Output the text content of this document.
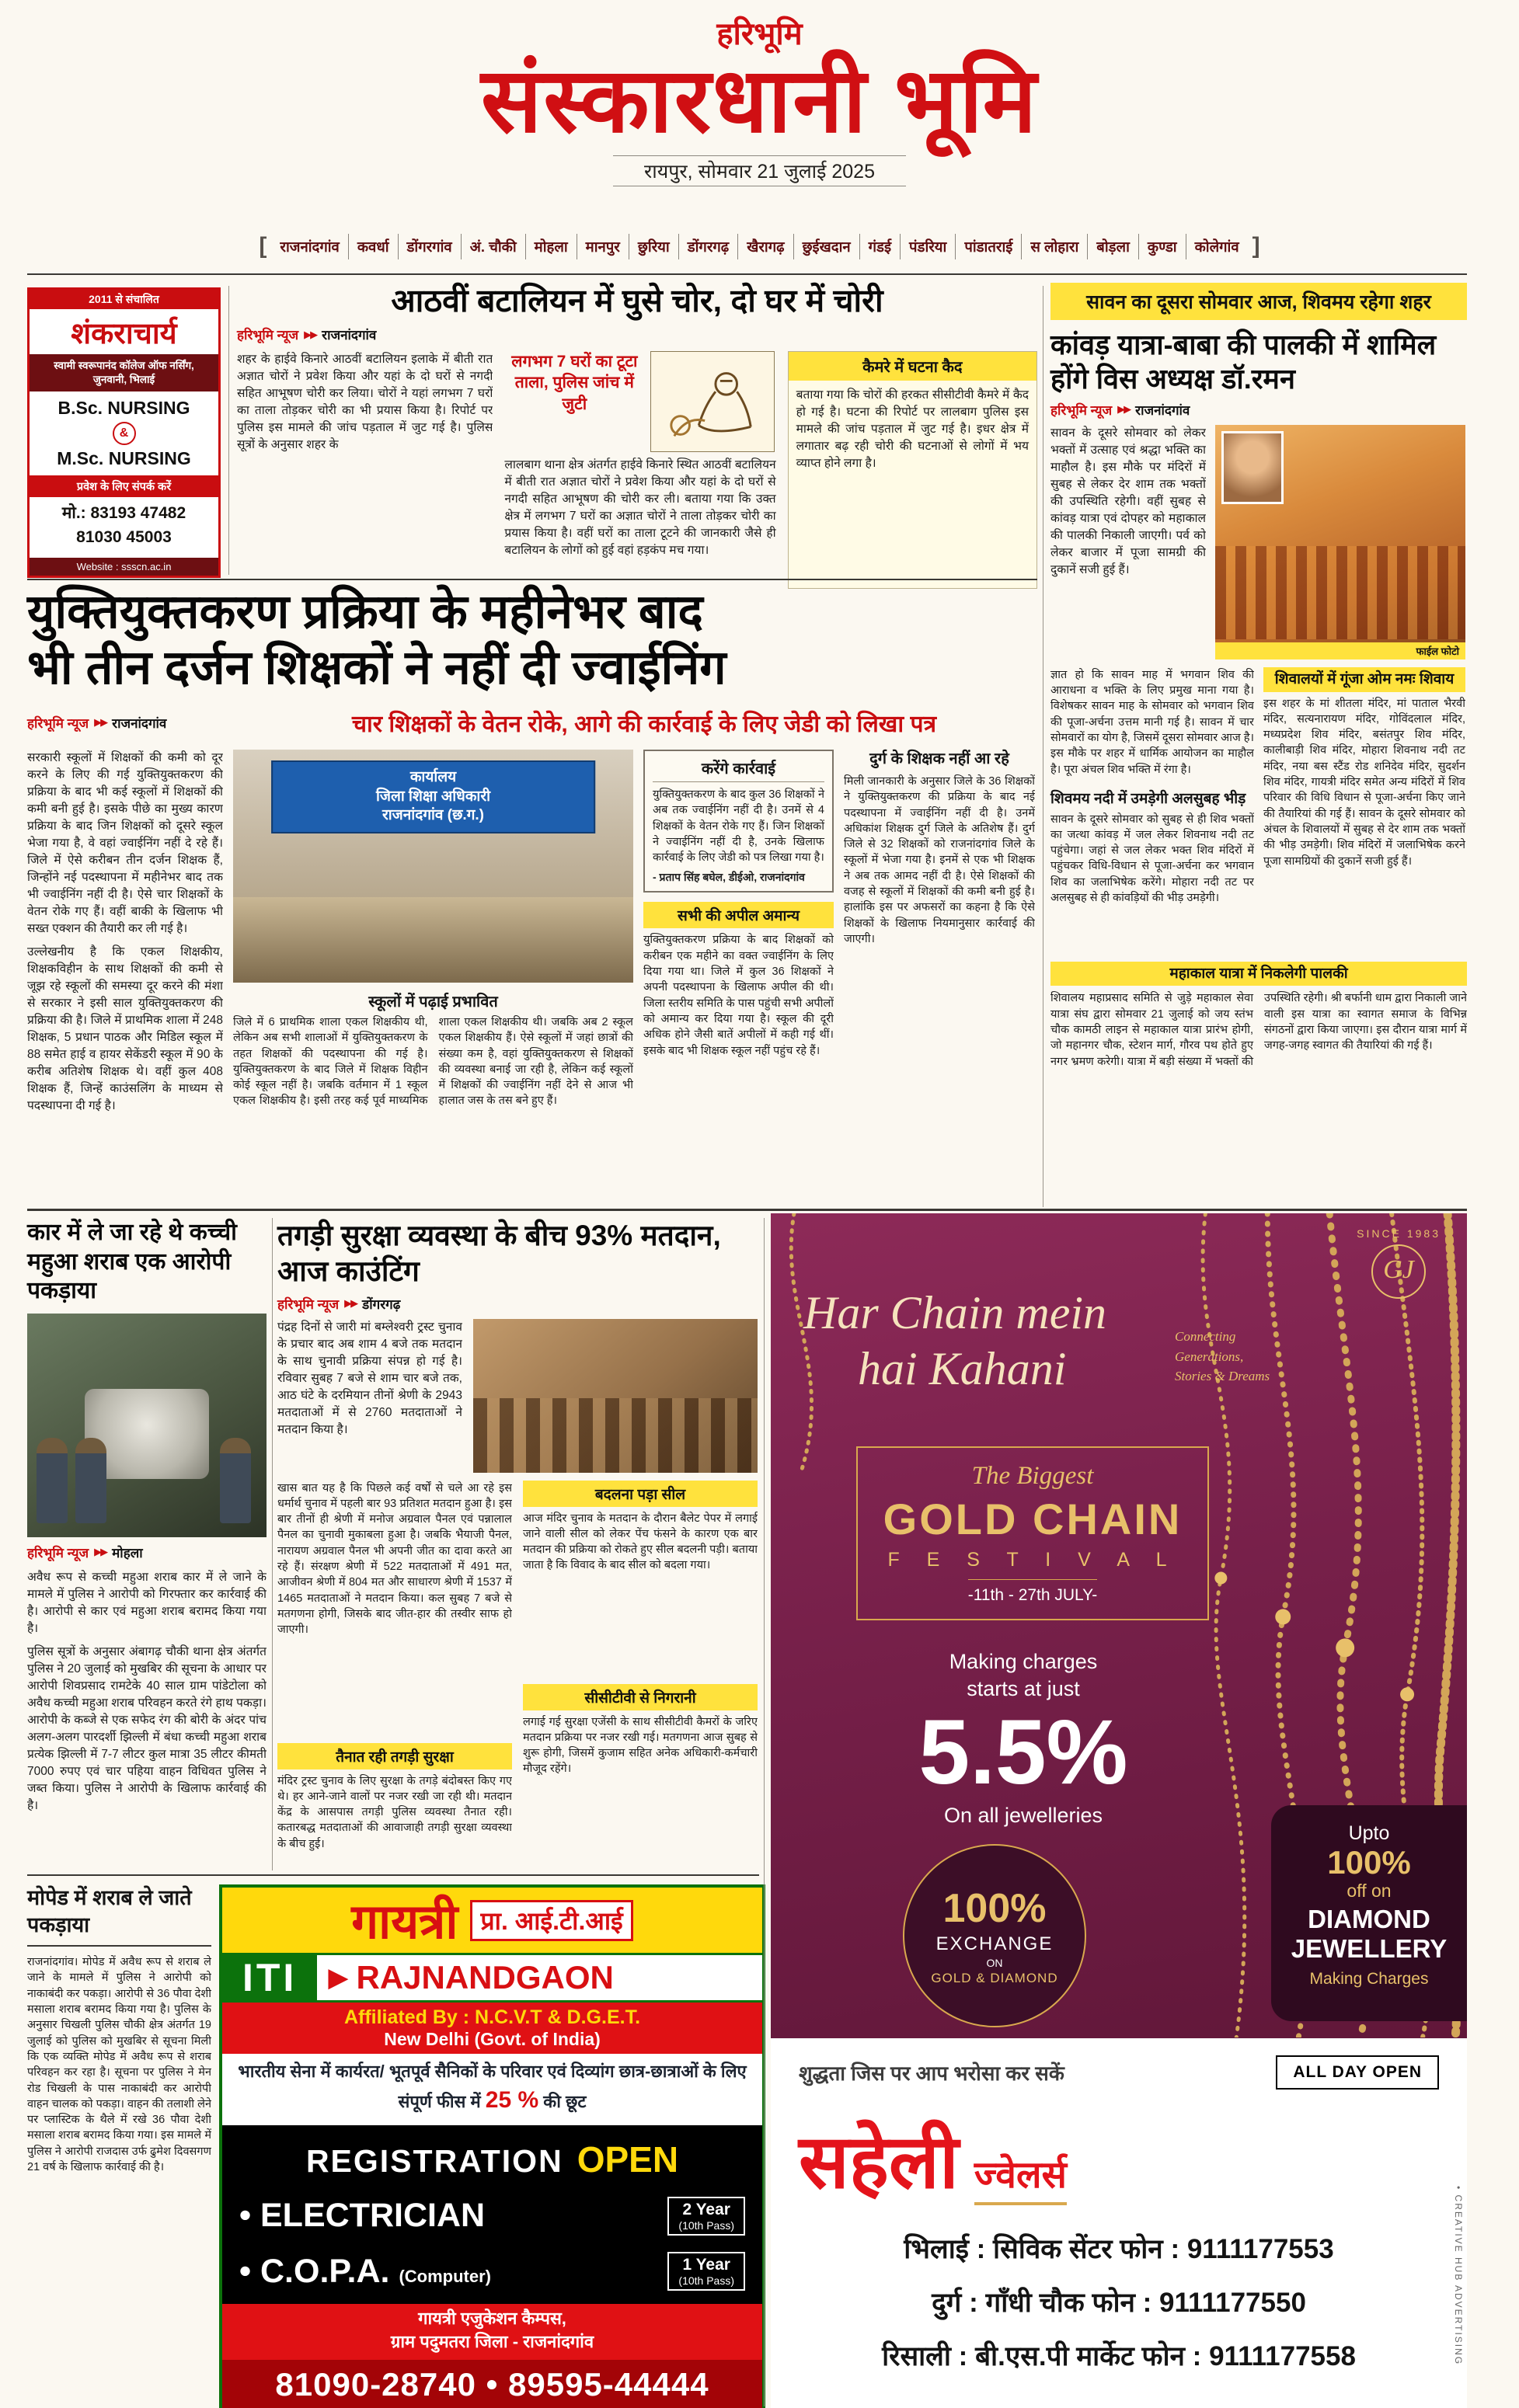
हरिभूमि
संस्कारधानी भूमि
रायपुर, सोमवार 21 जुलाई 2025
[ राजनांदगांव	कवर्धा	डोंगरगांव	अं. चौकी	मोहला	मानपुर	छुरिया	डोंगरगढ़	खैरागढ़	छुईखदान	गंडई	पंडरिया	पांडातराई	स लोहारा	बोड़ला	कुण्डा	कोलेगांव ]
2011 से संचालित
शंकराचार्य
स्वामी स्वरूपानंद कॉलेज ऑफ नर्सिंग, जुनवानी, भिलाई
B.Sc. NURSING
&
M.Sc. NURSING
प्रवेश के लिए संपर्क करें
मो.: 83193 47482
81030 45003
Website : ssscn.ac.in
आठवीं बटालियन में घुसे चोर, दो घर में चोरी
हरिभूमि न्यूज ▶▶ राजनांदगांव
शहर के हाईवे किनारे आठवीं बटालियन इलाके में बीती रात अज्ञात चोरों ने प्रवेश किया और यहां के दो घरों से नगदी सहित आभूषण चोरी कर लिया। चोरों ने यहां लगभग 7 घरों का ताला तोड़कर चोरी का भी प्रयास किया है। रिपोर्ट पर पुलिस इस मामले की जांच पड़ताल में जुट गई है। पुलिस सूत्रों के अनुसार शहर के
लगभग 7 घरों का टूटा ताला, पुलिस जांच में जुटी
लालबाग थाना क्षेत्र अंतर्गत हाईवे किनारे स्थित आठवीं बटालियन में बीती रात अज्ञात चोरों ने प्रवेश किया और यहां के दो घरों से नगदी सहित आभूषण की चोरी कर ली। बताया गया कि उक्त क्षेत्र में लगभग 7 घरों का अज्ञात चोरों ने ताला तोड़कर चोरी का प्रयास किया है। वहीं घरों का ताला टूटने की जानकारी जैसे ही बटालियन के लोगों को हुई वहां हड़कंप मच गया।
कैमरे में घटना कैद
बताया गया कि चोरों की हरकत सीसीटीवी कैमरे में कैद हो गई है। घटना की रिपोर्ट पर लालबाग पुलिस इस मामले की जांच पड़ताल में जुट गई है। इधर क्षेत्र में लगातार बढ़ रही चोरी की घटनाओं से लोगों में भय व्याप्त होने लगा है।
सावन का दूसरा सोमवार आज, शिवमय रहेगा शहर
कांवड़ यात्रा-बाबा की पालकी में शामिल होंगे विस अध्यक्ष डॉ.रमन
हरिभूमि न्यूज ▶▶ राजनांदगांव
सावन के दूसरे सोमवार को लेकर भक्तों में उत्साह एवं श्रद्धा भक्ति का माहौल है। इस मौके पर मंदिरों में सुबह से लेकर देर शाम तक भक्तों की उपस्थिति रहेगी। वहीं सुबह से कांवड़ यात्रा एवं दोपहर को महाकाल की पालकी निकाली जाएगी। पर्व को लेकर बाजार में पूजा सामग्री की दुकानें सजी हुई हैं।
फाईल फोटो
ज्ञात हो कि सावन माह में भगवान शिव की आराधना व भक्ति के लिए प्रमुख माना गया है। विशेषकर सावन माह के सोमवार को भगवान शिव की पूजा-अर्चना उत्तम मानी गई है। सावन में चार सोमवारों का योग है, जिसमें दूसरा सोमवार आज है। इस मौके पर शहर में धार्मिक आयोजन का माहौल है। पूरा अंचल शिव भक्ति में रंगा है।
शिवमय नदी में उमड़ेगी अलसुबह भीड़
सावन के दूसरे सोमवार को सुबह से ही शिव भक्तों का जत्था कांवड़ में जल लेकर शिवनाथ नदी तट पहुंचेगा। जहां से जल लेकर भक्त शिव मंदिरों में पहुंचकर विधि-विधान से पूजा-अर्चना कर भगवान शिव का जलाभिषेक करेंगे। मोहारा नदी तट पर अलसुबह से ही कांवड़ियों की भीड़ उमड़ेगी।
शिवालयों में गूंजा ओम नमः शिवाय
इस शहर के मां शीतला मंदिर, मां पाताल भैरवी मंदिर, सत्यनारायण मंदिर, गोविंदलाल मंदिर, मध्यप्रदेश शिव मंदिर, बसंतपुर शिव मंदिर, कालीबाड़ी शिव मंदिर, मोहारा शिवनाथ नदी तट मंदिर, नया बस स्टैंड रोड शनिदेव मंदिर, सुदर्शन शिव मंदिर, गायत्री मंदिर समेत अन्य मंदिरों में शिव परिवार की विधि विधान से पूजा-अर्चना किए जाने की तैयारियां की गई हैं। सावन के दूसरे सोमवार को अंचल के शिवालयों में सुबह से देर शाम तक भक्तों की भीड़ उमड़ेगी। शिव मंदिरों में जलाभिषेक करने पूजा सामग्रियों की दुकानें सजी हुई हैं।
महाकाल यात्रा में निकलेगी पालकी
शिवालय महाप्रसाद समिति से जुड़े महाकाल सेवा यात्रा संघ द्वारा सोमवार 21 जुलाई को जय स्तंभ चौक कामठी लाइन से महाकाल यात्रा प्रारंभ होगी, जो महानगर चौक, स्टेशन मार्ग, गौरव पथ होते हुए नगर भ्रमण करेगी। यात्रा में बड़ी संख्या में भक्तों की उपस्थिति रहेगी। श्री बर्फानी धाम द्वारा निकाली जाने वाली इस यात्रा का स्वागत समाज के विभिन्न संगठनों द्वारा किया जाएगा। इस दौरान यात्रा मार्ग में जगह-जगह स्वागत की तैयारियां की गई हैं।
युक्तियुक्तकरण प्रक्रिया के महीनेभर बाद
भी तीन दर्जन शिक्षकों ने नहीं दी ज्वाईनिंग
हरिभूमि न्यूज ▶▶ राजनांदगांव	चार शिक्षकों के वेतन रोके, आगे की कार्रवाई के लिए जेडी को लिखा पत्र
सरकारी स्कूलों में शिक्षकों की कमी को दूर करने के लिए की गई युक्तियुक्तकरण की प्रक्रिया के बाद भी कई स्कूलों में शिक्षकों की कमी बनी हुई है। इसके पीछे का मुख्य कारण प्रक्रिया के बाद जिन शिक्षकों को दूसरे स्कूल भेजा गया है, वे वहां ज्वाईनिंग नहीं दे रहे हैं। जिले में ऐसे करीबन तीन दर्जन शिक्षक हैं, जिन्होंने नई पदस्थापना में महीनेभर बाद तक भी ज्वाईनिंग नहीं दी है। ऐसे चार शिक्षकों के वेतन रोके गए हैं। वहीं बाकी के खिलाफ भी सख्त एक्शन की तैयारी कर ली गई है।
उल्लेखनीय है कि एकल शिक्षकीय, शिक्षकविहीन के साथ शिक्षकों की कमी से जूझ रहे स्कूलों की समस्या दूर करने की मंशा से सरकार ने इसी साल युक्तियुक्तकरण की प्रक्रिया की है। जिले में प्राथमिक शाला में 248 शिक्षक, 5 प्रधान पाठक और मिडिल स्कूल में 88 समेत हाई व हायर सेकेंडरी स्कूल में 90 के करीब अतिशेष शिक्षक थे। वहीं कुल 408 शिक्षक हैं, जिन्हें काउंसलिंग के माध्यम से पदस्थापना दी गई है।
कार्यालय
जिला शिक्षा अधिकारी
राजनांदगांव (छ.ग.)
स्कूलों में पढ़ाई प्रभावित
जिले में 6 प्राथमिक शाला एकल शिक्षकीय थी, लेकिन अब सभी शालाओं में युक्तियुक्तकरण के तहत शिक्षकों की पदस्थापना की गई है। युक्तियुक्तकरण के बाद जिले में शिक्षक विहीन कोई स्कूल नहीं है। जबकि वर्तमान में 1 स्कूल एकल शिक्षकीय है। इसी तरह कई पूर्व माध्यमिक शाला एकल शिक्षकीय थी। जबकि अब 2 स्कूल एकल शिक्षकीय हैं। ऐसे स्कूलों में जहां छात्रों की संख्या कम है, वहां युक्तियुक्तकरण से शिक्षकों की व्यवस्था बनाई जा रही है, लेकिन कई स्कूलों में शिक्षकों की ज्वाईनिंग नहीं देने से आज भी हालात जस के तस बने हुए हैं।
करेंगे कार्रवाई
युक्तियुक्तकरण के बाद कुल 36 शिक्षकों ने अब तक ज्वाईनिंग नहीं दी है। उनमें से 4 शिक्षकों के वेतन रोके गए हैं। जिन शिक्षकों ने ज्वाईनिंग नहीं दी है, उनके खिलाफ कार्रवाई के लिए जेडी को पत्र लिखा गया है।
- प्रताप सिंह बघेल, डीईओ, राजनांदगांव
सभी की अपील अमान्य
युक्तियुक्तकरण प्रक्रिया के बाद शिक्षकों को करीबन एक महीने का वक्त ज्वाईनिंग के लिए दिया गया था। जिले में कुल 36 शिक्षकों ने अपनी पदस्थापना के खिलाफ अपील की थी। जिला स्तरीय समिति के पास पहुंची सभी अपीलों को अमान्य कर दिया गया है। स्कूल की दूरी अधिक होने जैसी बातें अपीलों में कही गई थीं। इसके बाद भी शिक्षक स्कूल नहीं पहुंच रहे हैं।
दुर्ग के शिक्षक नहीं आ रहे
मिली जानकारी के अनुसार जिले के 36 शिक्षकों ने युक्तियुक्तकरण की प्रक्रिया के बाद नई पदस्थापना में ज्वाईनिंग नहीं दी है। उनमें अधिकांश शिक्षक दुर्ग जिले के अतिशेष हैं। दुर्ग जिले से 32 शिक्षकों को राजनांदगांव जिले के स्कूलों में भेजा गया है। इनमें से एक भी शिक्षक ने अब तक आमद नहीं दी है। ऐसे शिक्षकों की वजह से स्कूलों में शिक्षकों की कमी बनी हुई है। हालांकि इस पर अफसरों का कहना है कि ऐसे शिक्षकों के खिलाफ नियमानुसार कार्रवाई की जाएगी।
कार में ले जा रहे थे कच्ची महुआ शराब एक आरोपी पकड़ाया
हरिभूमि न्यूज ▶▶ मोहला
अवैध रूप से कच्ची महुआ शराब कार में ले जाने के मामले में पुलिस ने आरोपी को गिरफ्तार कर कार्रवाई की है। आरोपी से कार एवं महुआ शराब बरामद किया गया है।
पुलिस सूत्रों के अनुसार अंबागढ़ चौकी थाना क्षेत्र अंतर्गत पुलिस ने 20 जुलाई को मुखबिर की सूचना के आधार पर आरोपी शिवप्रसाद रामटेके 40 साल ग्राम पांडेटोला को अवैध कच्ची महुआ शराब परिवहन करते रंगे हाथ पकड़ा। आरोपी के कब्जे से एक सफेद रंग की बोरी के अंदर पांच अलग-अलग पारदर्शी झिल्ली में बंधा कच्ची महुआ शराब प्रत्येक झिल्ली में 7-7 लीटर कुल मात्रा 35 लीटर कीमती 7000 रुपए एवं चार पहिया वाहन विधिवत पुलिस ने जब्त किया। पुलिस ने आरोपी के खिलाफ कार्रवाई की है।
तगड़ी सुरक्षा व्यवस्था के बीच 93% मतदान, आज काउंटिंग
हरिभूमि न्यूज ▶▶ डोंगरगढ़
पंद्रह दिनों से जारी मां बम्लेश्वरी ट्रस्ट चुनाव के प्रचार बाद अब शाम 4 बजे तक मतदान के साथ चुनावी प्रक्रिया संपन्न हो गई है। रविवार सुबह 7 बजे से शाम चार बजे तक, आठ घंटे के दरमियान तीनों श्रेणी के 2943 मतदाताओं में से 2760 मतदाताओं ने मतदान किया है।
खास बात यह है कि पिछले कई वर्षों से चले आ रहे इस धर्मार्थ चुनाव में पहली बार 93 प्रतिशत मतदान हुआ है। इस बार तीनों ही श्रेणी में मनोज अग्रवाल पैनल एवं पन्नालाल पैनल का चुनावी मुकाबला हुआ है। जबकि भैयाजी पैनल, नारायण अग्रवाल पैनल भी अपनी जीत का दावा करते आ रहे हैं। संरक्षण श्रेणी में 522 मतदाताओं में 491 मत, आजीवन श्रेणी में 804 मत और साधारण श्रेणी में 1537 में 1465 मतदाताओं ने मतदान किया। कल सुबह 7 बजे से मतगणना होगी, जिसके बाद जीत-हार की तस्वीर साफ हो जाएगी।
तैनात रही तगड़ी सुरक्षा
मंदिर ट्रस्ट चुनाव के लिए सुरक्षा के तगड़े बंदोबस्त किए गए थे। हर आने-जाने वालों पर नजर रखी जा रही थी। मतदान केंद्र के आसपास तगड़ी पुलिस व्यवस्था तैनात रही। कतारबद्ध मतदाताओं की आवाजाही तगड़ी सुरक्षा व्यवस्था के बीच हुई।
बदलना पड़ा सील
आज मंदिर चुनाव के मतदान के दौरान बैलेट पेपर में लगाई जाने वाली सील को लेकर पेंच फंसने के कारण एक बार मतदान की प्रक्रिया को रोकते हुए सील बदलनी पड़ी। बताया जाता है कि विवाद के बाद सील को बदला गया।
सीसीटीवी से निगरानी
लगाई गई सुरक्षा एजेंसी के साथ सीसीटीवी कैमरों के जरिए मतदान प्रक्रिया पर नजर रखी गई। मतगणना आज सुबह से शुरू होगी, जिसमें कुजाम सहित अनेक अधिकारी-कर्मचारी मौजूद रहेंगे।
मोपेड में शराब ले जाते पकड़ाया
राजनांदगांव। मोपेड में अवैध रूप से शराब ले जाने के मामले में पुलिस ने आरोपी को नाकाबंदी कर पकड़ा। आरोपी से 36 पौवा देशी मसाला शराब बरामद किया गया है। पुलिस के अनुसार चिखली पुलिस चौकी क्षेत्र अंतर्गत 19 जुलाई को पुलिस को मुखबिर से सूचना मिली कि एक व्यक्ति मोपेड में अवैध रूप से शराब परिवहन कर रहा है। सूचना पर पुलिस ने मेन रोड चिखली के पास नाकाबंदी कर आरोपी वाहन चालक को पकड़ा। वाहन की तलाशी लेने पर प्लास्टिक के थैले में रखे 36 पौवा देशी मसाला शराब बरामद किया गया। इस मामले में पुलिस ने आरोपी राजदास उर्फ ढुमेश दिवसगण 21 वर्ष के खिलाफ कार्रवाई की है।
गायत्री प्रा. आई.टी.आई
ITI	▶ RAJNANDGAON
Affiliated By : N.C.V.T & D.G.E.T.
New Delhi (Govt. of India)
भारतीय सेना में कार्यरत/ भूतपूर्व सैनिकों के परिवार एवं दिव्यांग छात्र-छात्राओं के लिए संपूर्ण फीस में 25 % की छूट
REGISTRATION OPEN
• ELECTRICIAN	2 Year
(10th Pass)
• C.O.P.A. (Computer)
1 Year
(10th Pass)
गायत्री एजुकेशन कैम्पस,
ग्राम पदुमतरा जिला - राजनांदगांव
81090-28740 • 89595-44444
SINCE 1983
GJ
Har Chain mein
hai Kahani
Connecting
Generations,
Stories & Dreams
The Biggest
GOLD CHAIN
F E S T I V A L
-11th - 27th JULY-
Making charges
starts at just
5.5%
On all jewelleries
100%
EXCHANGE
ON
GOLD & DIAMOND
Upto
100%
off on
DIAMOND
JEWELLERY
Making Charges
शुद्धता जिस पर आप भरोसा कर सकें	ALL DAY OPEN
सहेली ज्वेलर्स
भिलाई : सिविक सेंटर फोन : 9111177553
दुर्ग : गाँधी चौक फोन : 9111177550
रिसाली : बी.एस.पी मार्केट फोन : 9111177558	• CREATIVE HUB ADVERTISING
